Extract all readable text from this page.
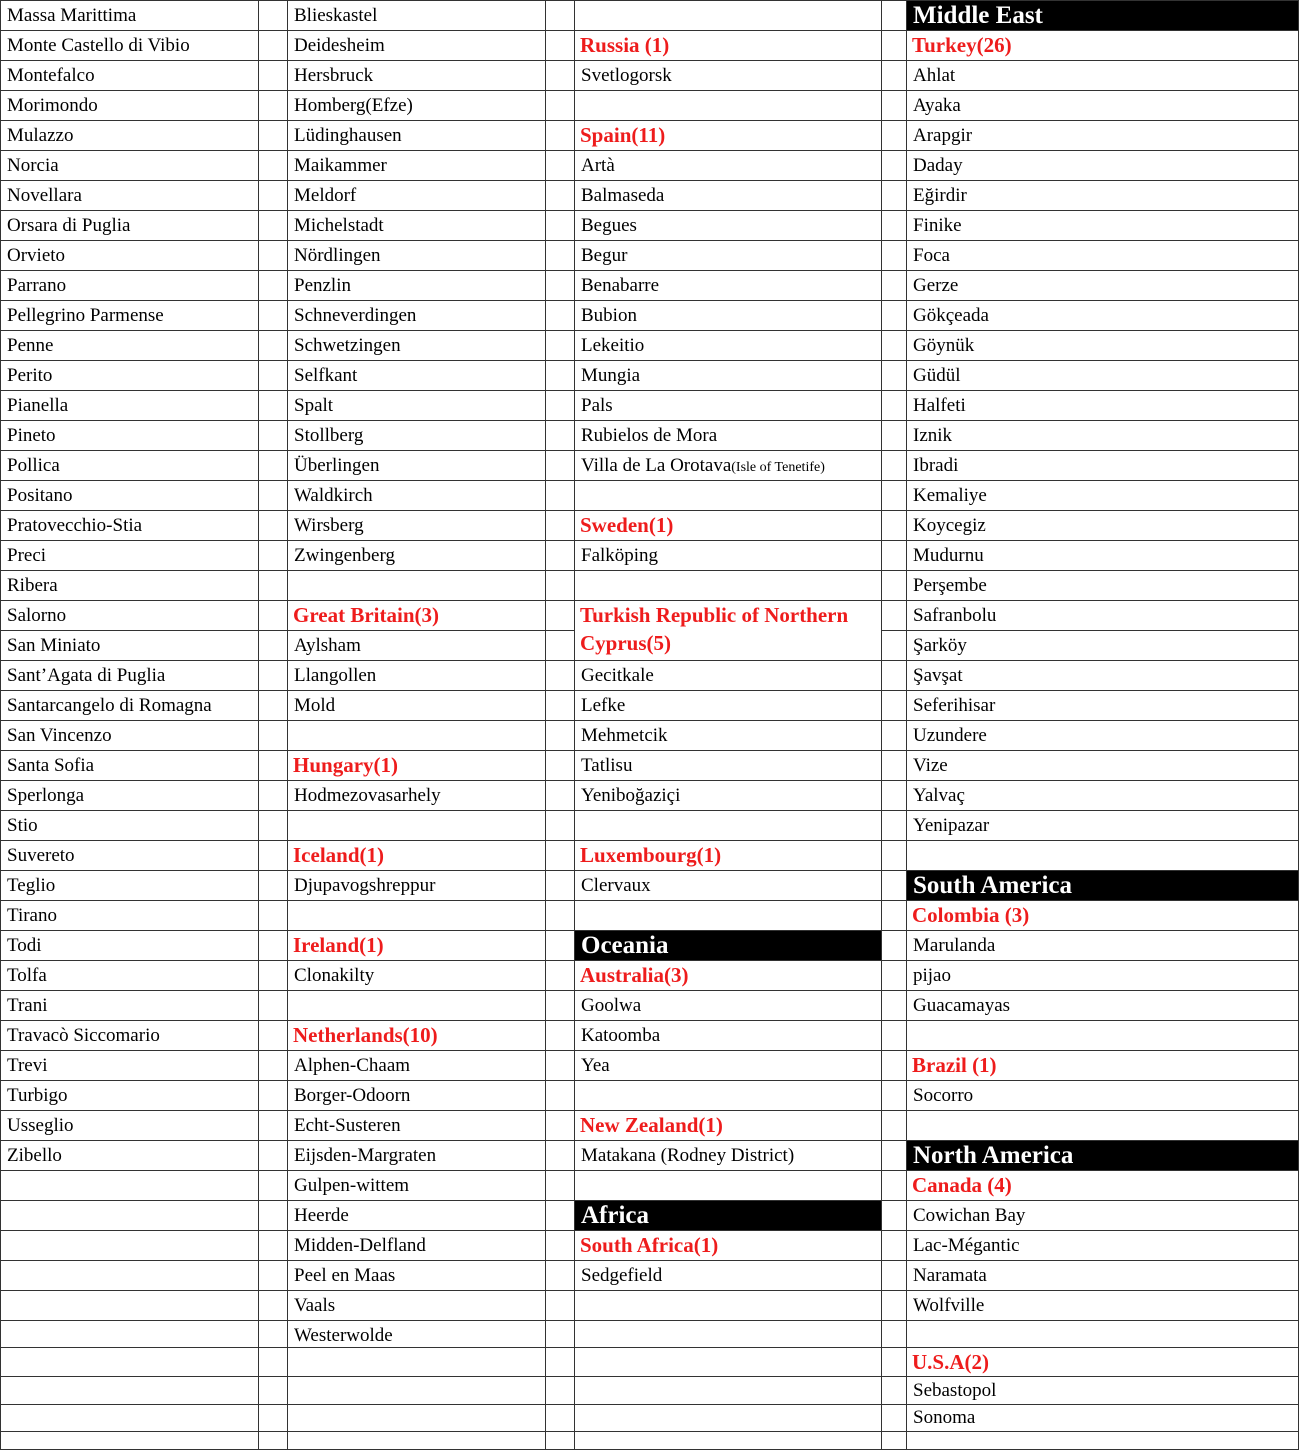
Massa Marittima
Monte Castello di Vibio
Montefalco
Morimondo
Mulazzo
Norcia
Novellara
Orsara di Puglia
Orvieto
Parrano
Pellegrino Parmense
Penne
Perito
Pianella
Pineto
Pollica
Positano
Pratovecchio-Stia
Preci
Ribera
Salorno
San Miniato
Sant’Agata di Puglia
Santarcangelo di Romagna
San Vincenzo
Santa Sofia
Sperlonga
Stio
Suvereto
Teglio
Tirano
Todi
Tolfa
Trani
Travacò Siccomario
Trevi
Turbigo
Usseglio
Zibello
Blieskastel
Deidesheim
Hersbruck
Homberg(Efze)
Lüdinghausen
Maikammer
Meldorf
Michelstadt
Nördlingen
Penzlin
Schneverdingen
Schwetzingen
Selfkant
Spalt
Stollberg
Überlingen
Waldkirch
Wirsberg
Zwingenberg
Great Britain(3)
Aylsham
Llangollen
Mold
Hungary(1)
Hodmezovasarhely
Iceland(1)
Djupavogshreppur
Ireland(1)
Clonakilty
Netherlands(10)
Alphen-Chaam
Borger-Odoorn
Echt-Susteren
Eijsden-Margraten
Gulpen-wittem
Heerde
Midden-Delfland
Peel en Maas
Vaals
Westerwolde
Russia (1)
Svetlogorsk
Spain(11)
Artà
Balmaseda
Begues
Begur
Benabarre
Bubion
Lekeitio
Mungia
Pals
Rubielos de Mora
Villa de La Orotava(Isle of Tenetife)
Sweden(1)
Falköping
Turkish Republic of Northern Cyprus(5)
Gecitkale
Lefke
Mehmetcik
Tatlisu
Yeniboğaziçi
Luxembourg(1)
Clervaux
Oceania
Australia(3)
Goolwa
Katoomba
Yea
New Zealand(1)
Matakana (Rodney District)
Africa
South Africa(1)
Sedgefield
Middle East
Turkey(26)
Ahlat
Ayaka
Arapgir
Daday
Eğirdir
Finike
Foca
Gerze
Gökçeada
Göynük
Güdül
Halfeti
Iznik
Ibradi
Kemaliye
Koycegiz
Mudurnu
Perşembe
Safranbolu
Şarköy
Şavşat
Seferihisar
Uzundere
Vize
Yalvaç
Yenipazar
South America
Colombia (3)
Marulanda
pijao
Guacamayas
Brazil (1)
Socorro
North America
Canada (4)
Cowichan Bay
Lac-Mégantic
Naramata
Wolfville
U.S.A(2)
Sebastopol
Sonoma
